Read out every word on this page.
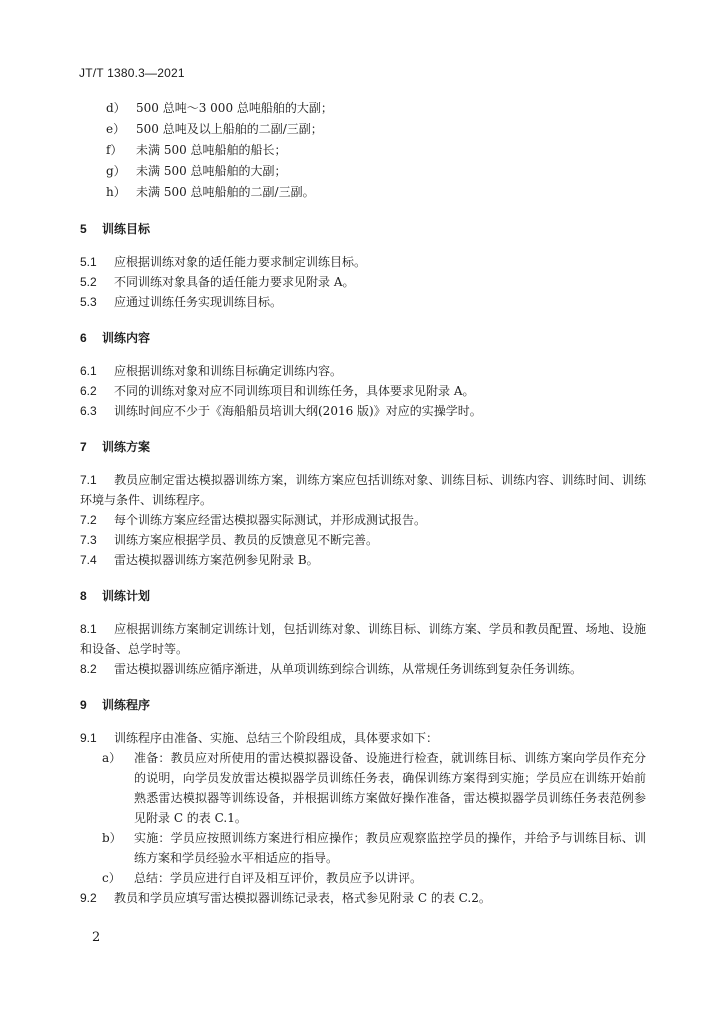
JT/T 1380.3—2021
d） 500 总吨～3 000 总吨船舶的大副；
e） 500 总吨及以上船舶的二副/三副；
f） 未满 500 总吨船舶的船长；
g） 未满 500 总吨船舶的大副；
h） 未满 500 总吨船舶的二副/三副。
5 训练目标
5.1 应根据训练对象的适任能力要求制定训练目标。
5.2 不同训练对象具备的适任能力要求见附录 A。
5.3 应通过训练任务实现训练目标。
6 训练内容
6.1 应根据训练对象和训练目标确定训练内容。
6.2 不同的训练对象对应不同训练项目和训练任务，具体要求见附录 A。
6.3 训练时间应不少于《海船船员培训大纲(2016 版)》对应的实操学时。
7 训练方案
7.1 教员应制定雷达模拟器训练方案，训练方案应包括训练对象、训练目标、训练内容、训练时间、训练环境与条件、训练程序。
7.2 每个训练方案应经雷达模拟器实际测试，并形成测试报告。
7.3 训练方案应根据学员、教员的反馈意见不断完善。
7.4 雷达模拟器训练方案范例参见附录 B。
8 训练计划
8.1 应根据训练方案制定训练计划，包括训练对象、训练目标、训练方案、学员和教员配置、场地、设施和设备、总学时等。
8.2 雷达模拟器训练应循序渐进，从单项训练到综合训练，从常规任务训练到复杂任务训练。
9 训练程序
9.1 训练程序由准备、实施、总结三个阶段组成，具体要求如下：
a） 准备：教员应对所使用的雷达模拟器设备、设施进行检查，就训练目标、训练方案向学员作充分的说明，向学员发放雷达模拟器学员训练任务表，确保训练方案得到实施；学员应在训练开始前熟悉雷达模拟器等训练设备，并根据训练方案做好操作准备，雷达模拟器学员训练任务表范例参见附录 C 的表 C.1。
b） 实施：学员应按照训练方案进行相应操作；教员应观察监控学员的操作，并给予与训练目标、训练方案和学员经验水平相适应的指导。
c） 总结：学员应进行自评及相互评价，教员应予以讲评。
9.2 教员和学员应填写雷达模拟器训练记录表，格式参见附录 C 的表 C.2。
2
